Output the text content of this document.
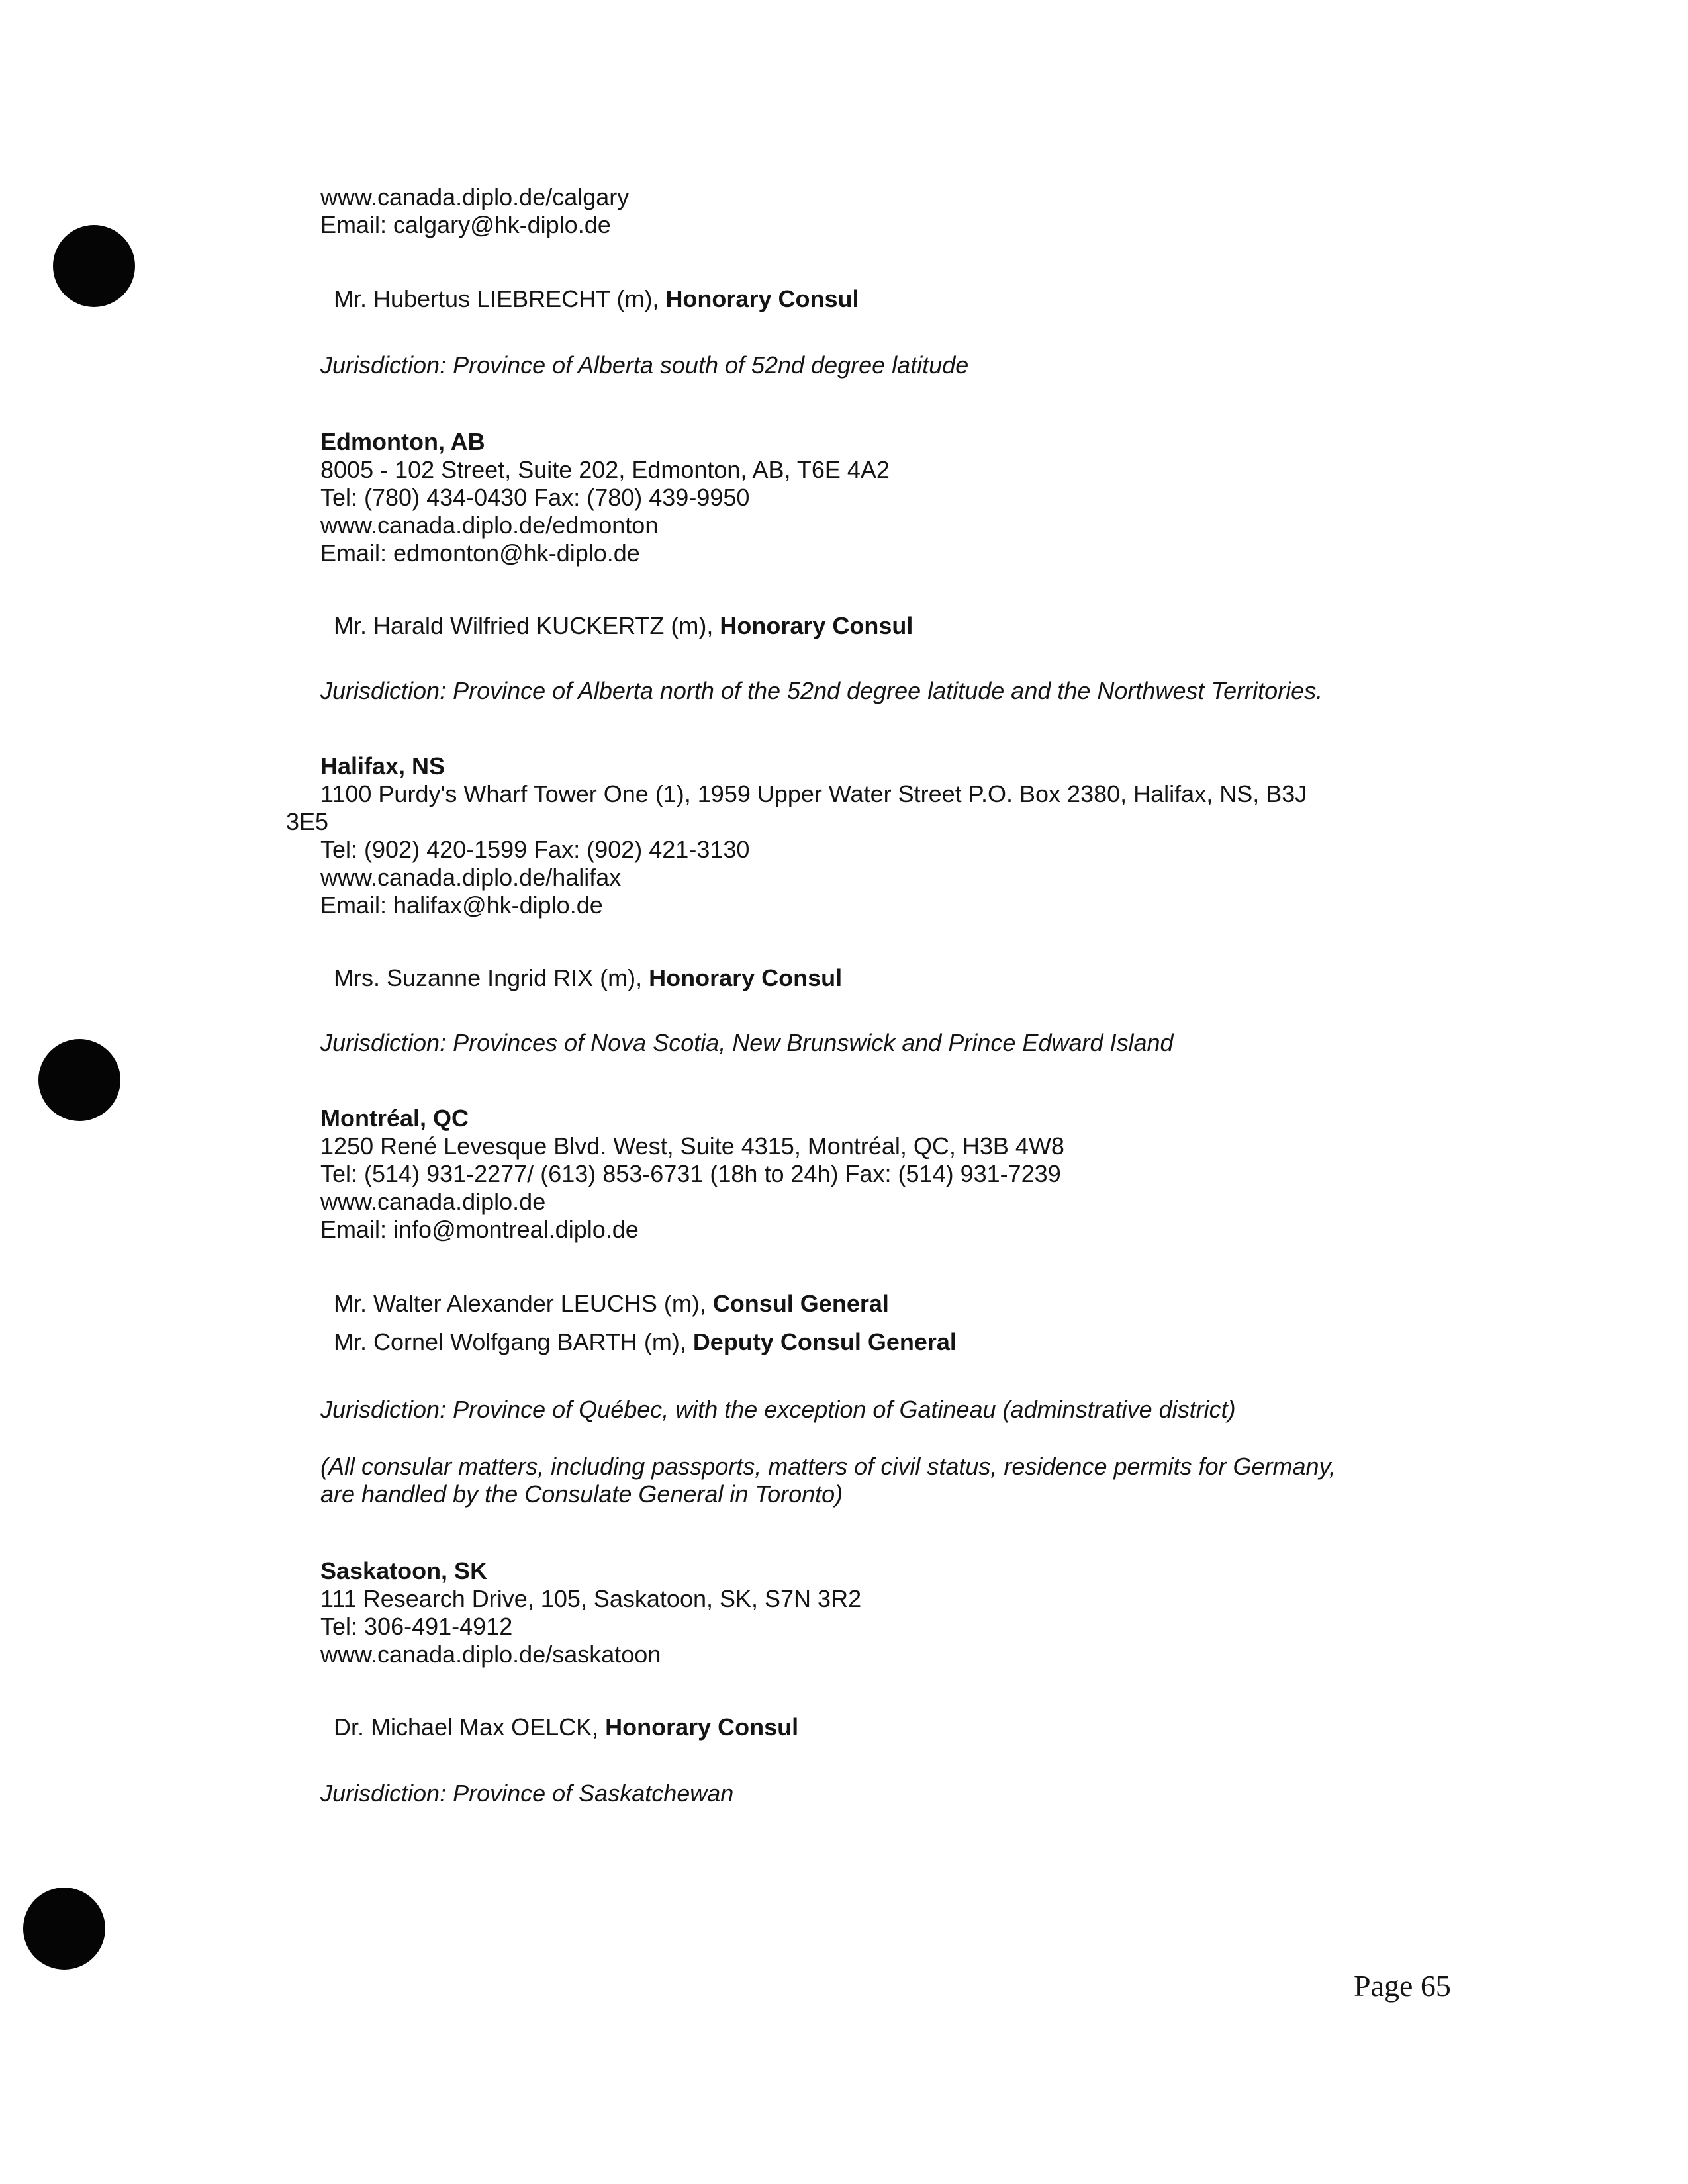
www.canada.diplo.de/calgary
Email: calgary@hk-diplo.de
Mr. Hubertus LIEBRECHT (m), Honorary Consul
Jurisdiction: Province of Alberta south of 52nd degree latitude
Edmonton, AB
8005 - 102 Street, Suite 202, Edmonton, AB, T6E 4A2
Tel: (780) 434-0430 Fax: (780) 439-9950
www.canada.diplo.de/edmonton
Email: edmonton@hk-diplo.de
Mr. Harald Wilfried KUCKERTZ (m), Honorary Consul
Jurisdiction: Province of Alberta north of the 52nd degree latitude and the Northwest Territories.
Halifax, NS
1100 Purdy's Wharf Tower One (1), 1959 Upper Water Street P.O. Box 2380, Halifax, NS, B3J
3E5
Tel: (902) 420-1599 Fax: (902) 421-3130
www.canada.diplo.de/halifax
Email: halifax@hk-diplo.de
Mrs. Suzanne Ingrid RIX (m), Honorary Consul
Jurisdiction: Provinces of Nova Scotia, New Brunswick and Prince Edward Island
Montréal, QC
1250 René Levesque Blvd. West, Suite 4315, Montréal, QC, H3B 4W8
Tel: (514) 931-2277/ (613) 853-6731 (18h to 24h) Fax: (514) 931-7239
www.canada.diplo.de
Email: info@montreal.diplo.de
Mr. Walter Alexander LEUCHS (m), Consul General
Mr. Cornel Wolfgang BARTH (m), Deputy Consul General
Jurisdiction: Province of Québec, with the exception of Gatineau (adminstrative district)
(All consular matters, including passports, matters of civil status, residence permits for Germany,
are handled by the Consulate General in Toronto)
Saskatoon, SK
111 Research Drive, 105, Saskatoon, SK, S7N 3R2
Tel: 306-491-4912
www.canada.diplo.de/saskatoon
Dr. Michael Max OELCK, Honorary Consul
Jurisdiction: Province of Saskatchewan
Page 65
